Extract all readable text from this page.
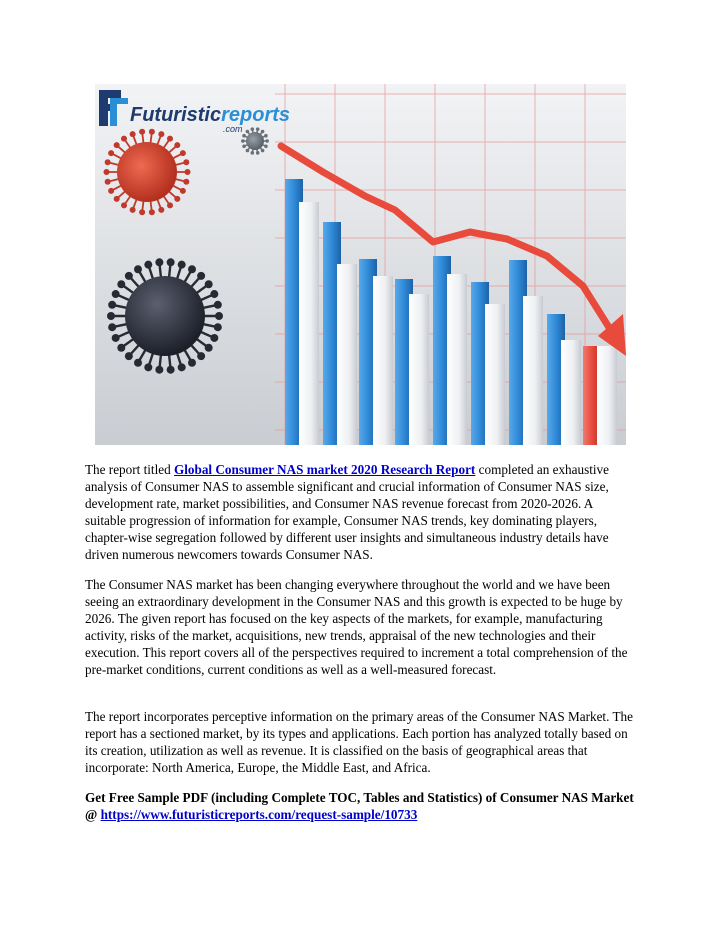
Futuristicreports
.com

The report titled Global Consumer NAS market 2020 Research Report completed an exhaustive analysis of Consumer NAS to assemble significant and crucial information of Consumer NAS size, development rate, market possibilities, and Consumer NAS revenue forecast from 2020-2026. A suitable progression of information for example, Consumer NAS trends, key dominating players, chapter-wise segregation followed by different user insights and simultaneous industry details have driven numerous newcomers towards Consumer NAS.

The Consumer NAS market has been changing everywhere throughout the world and we have been seeing an extraordinary development in the Consumer NAS and this growth is expected to be huge by 2026. The given report has focused on the key aspects of the markets, for example, manufacturing activity, risks of the market, acquisitions, new trends, appraisal of the new technologies and their execution. This report covers all of the perspectives required to increment a total comprehension of the pre-market conditions, current conditions as well as a well-measured forecast.

The report incorporates perceptive information on the primary areas of the Consumer NAS Market. The report has a sectioned market, by its types and applications. Each portion has analyzed totally based on its creation, utilization as well as revenue. It is classified on the basis of geographical areas that incorporate: North America, Europe, the Middle East, and Africa.

Get Free Sample PDF (including Complete TOC, Tables and Statistics) of Consumer NAS Market @ https://www.futuristicreports.com/request-sample/10733
